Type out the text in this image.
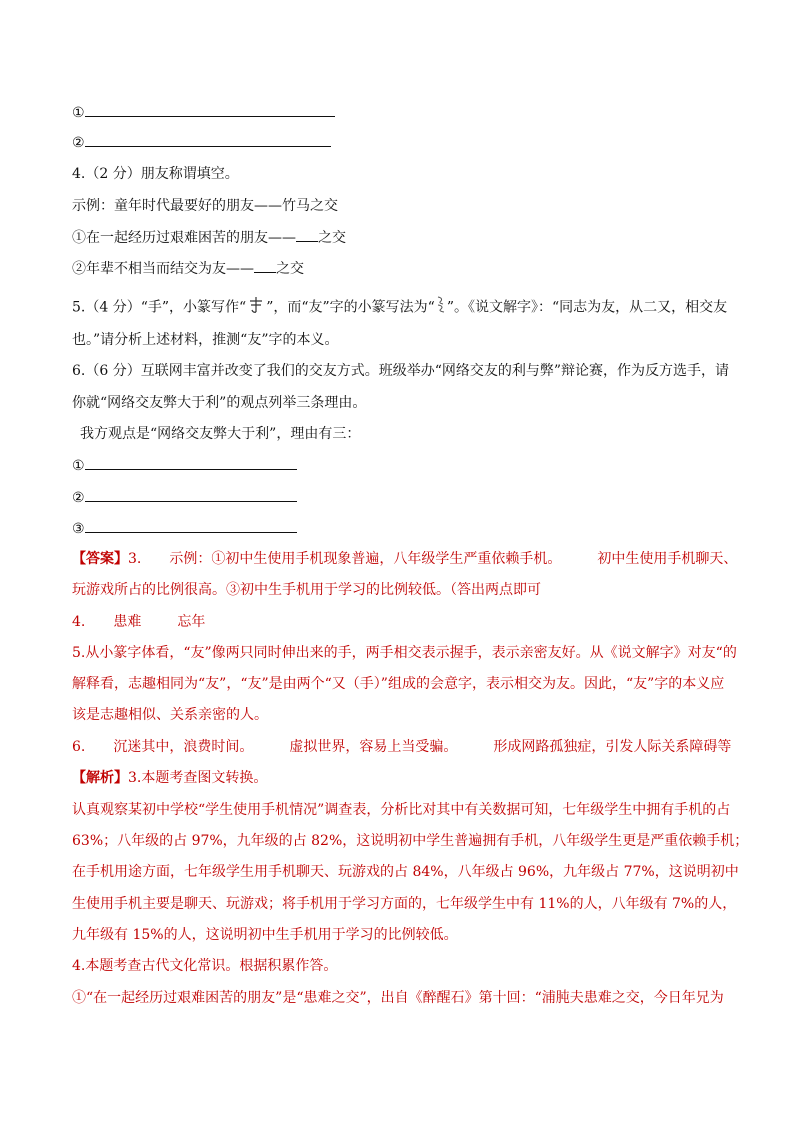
①
②
4.（2 分）朋友称谓填空。
示例：童年时代最要好的朋友——竹马之交
①在一起经历过艰难困苦的朋友—— 之交
②年辈不相当而结交为友—— 之交
5.（4 分）“手”，小篆写作“ ”，而“友”字的小篆写法为“ ”。《说文解字》：“同志为友，从二又，相交友
也。”请分析上述材料，推测“友”字的本义。
6.（6 分）互联网丰富并改变了我们的交友方式。班级举办“网络交友的利与弊”辩论赛，作为反方选手，请
你就“网络交友弊大于利”的观点列举三条理由。
我方观点是“网络交友弊大于利”，理由有三：
①
②
③
【答案】3. 示例：①初中生使用手机现象普遍，八年级学生严重依赖手机。	初中生使用手机聊天、
玩游戏所占的比例很高。③初中生手机用于学习的比例较低。（答出两点即可
4. 患难	忘年
5.从小篆字体看，“友”像两只同时伸出来的手，两手相交表示握手，表示亲密友好。从《说文解字》对友“的
解释看，志趣相同为“友”，“友”是由两个“又（手）”组成的会意字，表示相交为友。因此，“友”字的本义应
该是志趣相似、关系亲密的人。
6. 沉迷其中，浪费时间。	虚拟世界，容易上当受骗。	形成网路孤独症，引发人际关系障碍等
【解析】3.本题考查图文转换。
认真观察某初中学校“学生使用手机情况”调查表，分析比对其中有关数据可知，七年级学生中拥有手机的占
63%；八年级的占 97%，九年级的占 82%，这说明初中学生普遍拥有手机，八年级学生更是严重依赖手机；
在手机用途方面，七年级学生用手机聊天、玩游戏的占 84%，八年级占 96%，九年级占 77%，这说明初中
生使用手机主要是聊天、玩游戏；将手机用于学习方面的，七年级学生中有 11%的人，八年级有 7%的人，
九年级有 15%的人，这说明初中生手机用于学习的比例较低。
4.本题考查古代文化常识。根据积累作答。
①“在一起经历过艰难困苦的朋友”是“患难之交”，出自《醉醒石》第十回：“浦肫夫患难之交，今日年兄为
